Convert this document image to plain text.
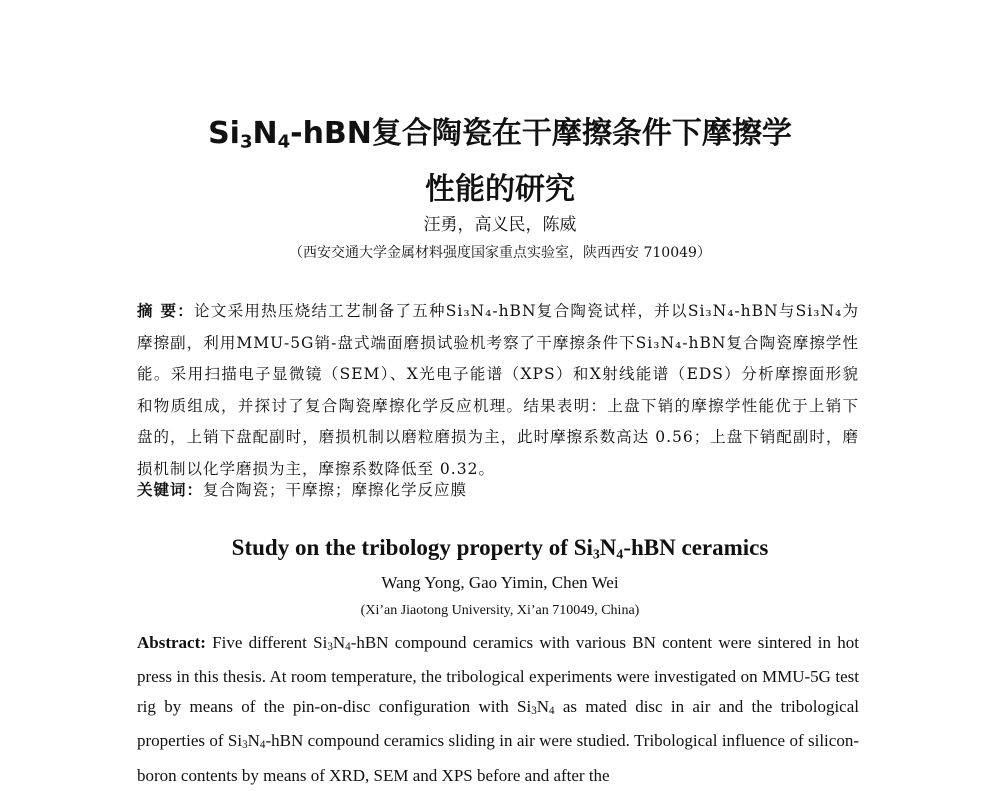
$Si_3N_4$-hBN复合陶瓷在干摩擦条件下摩擦学
性能的研究
汪勇，高义民，陈威
（西安交通大学金属材料强度国家重点实验室，陕西西安 710049）
摘 要：论文采用热压烧结工艺制备了五种Si₃N₄-hBN复合陶瓷试样，并以Si₃N₄-hBN与Si₃N₄为摩擦副，利用MMU-5G销-盘式端面磨损试验机考察了干摩擦条件下Si₃N₄-hBN复合陶瓷摩擦学性能。采用扫描电子显微镜（SEM）、X光电子能谱（XPS）和X射线能谱（EDS）分析摩擦面形貌和物质组成，并探讨了复合陶瓷摩擦化学反应机理。结果表明：上盘下销的摩擦学性能优于上销下盘的，上销下盘配副时，磨损机制以磨粒磨损为主，此时摩擦系数高达 0.56；上盘下销配副时，磨损机制以化学磨损为主，摩擦系数降低至 0.32。
关键词：复合陶瓷；干摩擦；摩擦化学反应膜
Study on the tribology property of $Si_3N_4$-hBN ceramics
Wang Yong, Gao Yimin, Chen Wei
(Xi’an Jiaotong University, Xi’an 710049, China)
Abstract: Five different $Si_3N_4$-hBN compound ceramics with various BN content were sintered in hot press in this thesis. At room temperature, the tribological experiments were investigated on MMU-5G test rig by means of the pin-on-disc configuration with $Si_3N_4$ as mated disc in air and the tribological properties of $Si_3N_4$-hBN compound ceramics sliding in air were studied. Tribological influence of silicon-boron contents by means of XRD, SEM and XPS before and after the
